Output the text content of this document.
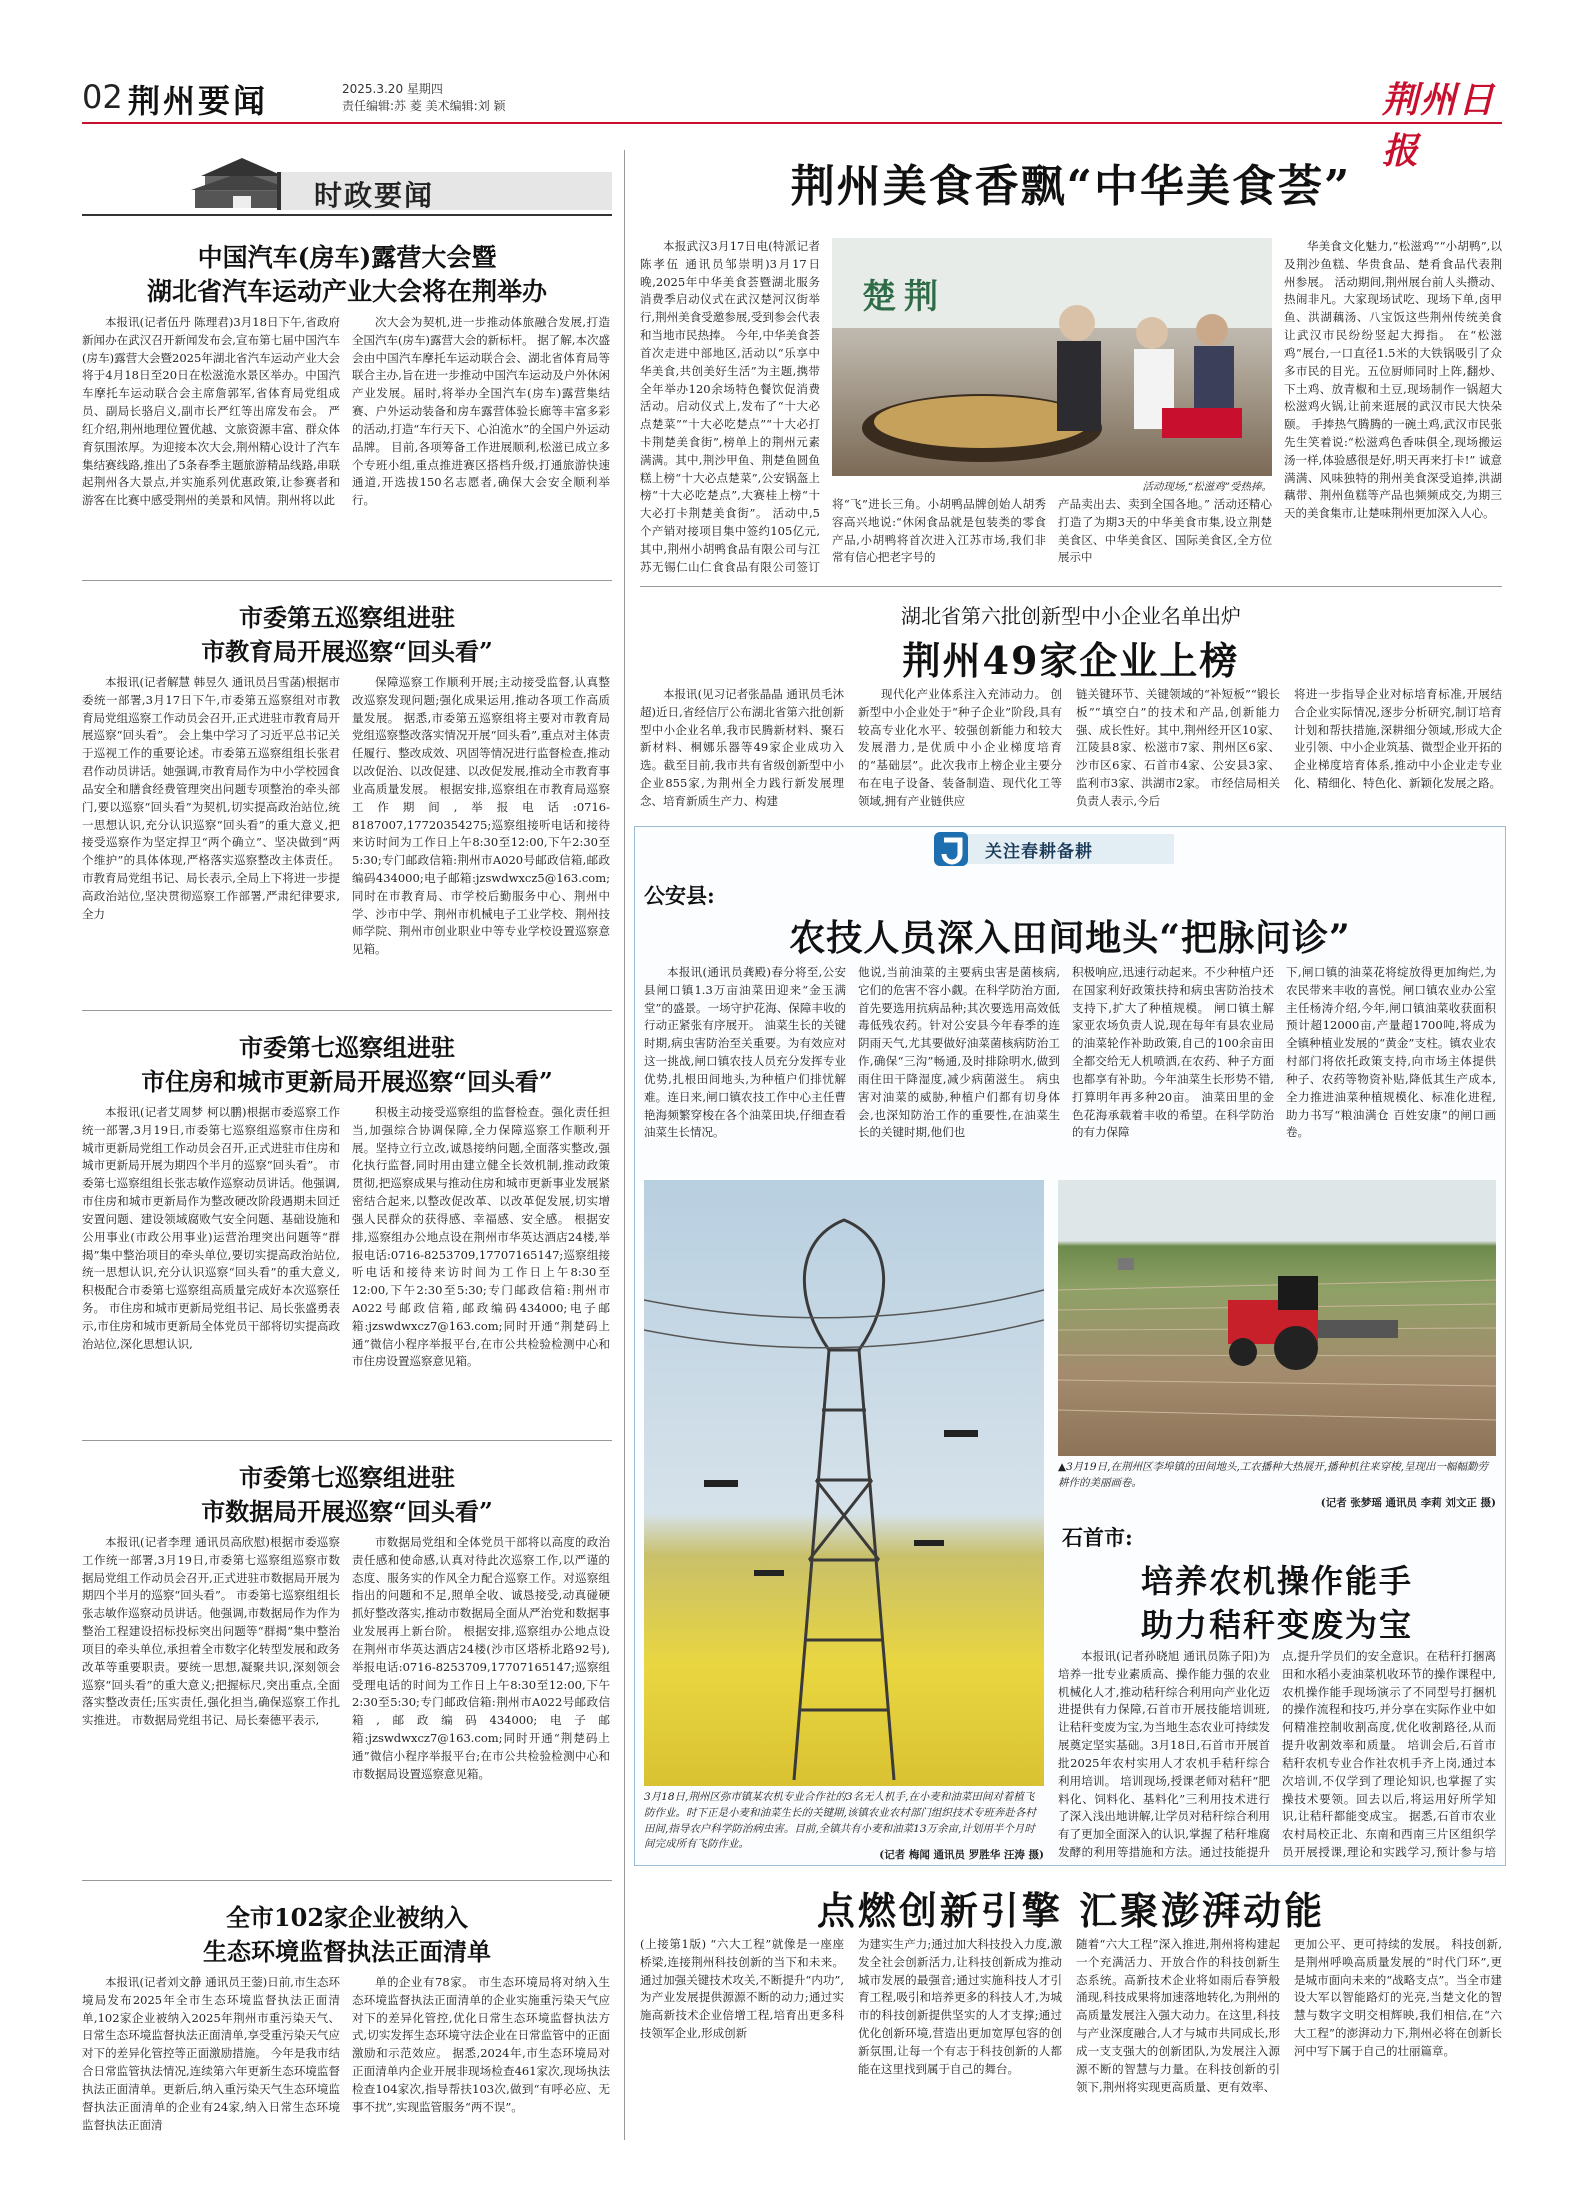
02 荆州要闻	2025.3.20 星期四
责任编辑:苏 菱 美术编辑:刘 颖	荆州日报
时政要闻
中国汽车(房车)露营大会暨
湖北省汽车运动产业大会将在荆举办
本报讯(记者伍丹 陈理君)3月18日下午,省政府新闻办在武汉召开新闻发布会,宣布第七届中国汽车(房车)露营大会暨2025年湖北省汽车运动产业大会将于4月18日至20日在松滋洈水景区举办。中国汽车摩托车运动联合会主席詹郭军,省体育局党组成员、副局长骆启义,副市长严红等出席发布会。 严红介绍,荆州地理位置优越、文旅资源丰富、群众体育氛围浓厚。为迎接本次大会,荆州精心设计了汽车集结赛线路,推出了5条春季主题旅游精品线路,串联起荆州各大景点,并实施系列优惠政策,让参赛者和游客在比赛中感受荆州的美景和风情。荆州将以此
次大会为契机,进一步推动体旅融合发展,打造全国汽车(房车)露营大会的新标杆。 据了解,本次盛会由中国汽车摩托车运动联合会、湖北省体育局等联合主办,旨在进一步推动中国汽车运动及户外休闲产业发展。届时,将举办全国汽车(房车)露营集结赛、户外运动装备和房车露营体验长廊等丰富多彩的活动,打造“车行天下、心泊洈水”的全国户外运动品牌。 目前,各项筹备工作进展顺利,松滋已成立多个专班小组,重点推进赛区搭档升级,打通旅游快速通道,开选拔150名志愿者,确保大会安全顺利举行。
市委第五巡察组进驻
市教育局开展巡察“回头看”
本报讯(记者解慧 韩昱久 通讯员吕雪菡)根据市委统一部署,3月17日下午,市委第五巡察组对市教育局党组巡察工作动员会召开,正式进驻市教育局开展巡察“回头看”。 会上集中学习了习近平总书记关于巡视工作的重要论述。市委第五巡察组组长张君君作动员讲话。她强调,市教育局作为中小学校园食品安全和膳食经费管理突出问题专项整治的牵头部门,要以巡察“回头看”为契机,切实提高政治站位,统一思想认识,充分认识巡察“回头看”的重大意义,把接受巡察作为坚定捍卫“两个确立”、坚决做到“两个维护”的具体体现,严格落实巡察整改主体责任。 市教育局党组书记、局长表示,全局上下将进一步提高政治站位,坚决贯彻巡察工作部署,严肃纪律要求,全力
保障巡察工作顺利开展;主动接受监督,认真整改巡察发现问题;强化成果运用,推动各项工作高质量发展。 据悉,市委第五巡察组将主要对市教育局党组巡察整改落实情况开展“回头看”,重点对主体责任履行、整改成效、巩固等情况进行监督检查,推动以改促治、以改促建、以改促发展,推动全市教育事业高质量发展。 根据安排,巡察组在市教育局巡察工作期间,举报电话:0716-8187007,17720354275;巡察组接听电话和接待来访时间为工作日上午8:30至12:00,下午2:30至5:30;专门邮政信箱:荆州市A020号邮政信箱,邮政编码434000;电子邮箱:jzswdwxcz5@163.com;同时在市教育局、市学校后勤服务中心、荆州中学、沙市中学、荆州市机械电子工业学校、荆州技师学院、荆州市创业职业中等专业学校设置巡察意见箱。
市委第七巡察组进驻
市住房和城市更新局开展巡察“回头看”
本报讯(记者艾周梦 柯以鹏)根据市委巡察工作统一部署,3月19日,市委第七巡察组巡察市住房和城市更新局党组工作动员会召开,正式进驻市住房和城市更新局开展为期四个半月的巡察“回头看”。 市委第七巡察组组长张志敏作巡察动员讲话。他强调,市住房和城市更新局作为整改硬改阶段遇期未回迁安置问题、建设领域腐败气安全问题、基础设施和公用事业(市政公用事业)运营治理突出问题等“群揭”集中整治项目的牵头单位,要切实提高政治站位,统一思想认识,充分认识巡察“回头看”的重大意义,积极配合市委第七巡察组高质量完成好本次巡察任务。 市住房和城市更新局党组书记、局长张盛勇表示,市住房和城市更新局全体党员干部将切实提高政治站位,深化思想认识,
积极主动接受巡察组的监督检查。强化责任担当,加强综合协调保障,全力保障巡察工作顺利开展。坚持立行立改,诚恳接纳问题,全面落实整改,强化执行监督,同时用由建立健全长效机制,推动政策贯彻,把巡察成果与推动住房和城市更新事业发展紧密结合起来,以整改促改革、以改革促发展,切实增强人民群众的获得感、幸福感、安全感。 根据安排,巡察组办公地点设在荆州市华英达酒店24楼,举报电话:0716-8253709,17707165147;巡察组接听电话和接待来访时间为工作日上午8:30至12:00,下午2:30至5:30;专门邮政信箱:荆州市A022号邮政信箱,邮政编码434000;电子邮箱:jzswdwxcz7@163.com;同时开通“荆楚码上通”微信小程序举报平台,在市公共检验检测中心和市住房设置巡察意见箱。
市委第七巡察组进驻
市数据局开展巡察“回头看”
本报讯(记者李理 通讯员高欣慰)根据市委巡察工作统一部署,3月19日,市委第七巡察组巡察市数据局党组工作动员会召开,正式进驻市数据局开展为期四个半月的巡察“回头看”。 市委第七巡察组组长张志敏作巡察动员讲话。他强调,市数据局作为作为整治工程建设招标投标突出问题等“群揭”集中整治项目的牵头单位,承担着全市数字化转型发展和政务改革等重要职责。要统一思想,凝聚共识,深刻领会巡察“回头看”的重大意义;把握标尺,突出重点,全面落实整改责任;压实责任,强化担当,确保巡察工作扎实推进。 市数据局党组书记、局长秦德平表示,
市数据局党组和全体党员干部将以高度的政治责任感和使命感,认真对待此次巡察工作,以严谨的态度、服务实的作风全力配合巡察工作。对巡察组指出的问题和不足,照单全收、诚恳接受,动真碰硬抓好整改落实,推动市数据局全面从严治党和数据事业发展再上新台阶。 根据安排,巡察组办公地点设在荆州市华英达酒店24楼(沙市区塔桥北路92号),举报电话:0716-8253709,17707165147;巡察组受理电话的时间为工作日上午8:30至12:00,下午2:30至5:30;专门邮政信箱:荆州市A022号邮政信箱,邮政编码434000;电子邮箱:jzswdwxcz7@163.com;同时开通“荆楚码上通”微信小程序举报平台;在市公共检验检测中心和市数据局设置巡察意见箱。
全市102家企业被纳入
生态环境监督执法正面清单
本报讯(记者刘文静 通讯员王蓥)日前,市生态环境局发布2025年全市生态环境监督执法正面清单,102家企业被纳入2025年荆州市重污染天气、日常生态环境监督执法正面清单,享受重污染天气应对下的差异化管控等正面激励措施。 今年是我市结合日常监管执法情况,连续第六年更新生态环境监督执法正面清单。更新后,纳入重污染天气生态环境监督执法正面清单的企业有24家,纳入日常生态环境监督执法正面清
单的企业有78家。 市生态环境局将对纳入生态环境监督执法正面清单的企业实施重污染天气应对下的差异化管控,优化日常生态环境监督执法方式,切实发挥生态环境守法企业在日常监管中的正面激励和示范效应。 据悉,2024年,市生态环境局对正面清单内企业开展非现场检查461家次,现场执法检查104家次,指导帮扶103次,做到“有呼必应、无事不扰”,实现监管服务“两不误”。
荆州美食香飘“中华美食荟”
本报武汉3月17日电(特派记者陈孝伍 通讯员邹崇明)3月17日晚,2025年中华美食荟暨湖北服务消费季启动仪式在武汉楚河汉街举行,荆州美食受邀参展,受到参会代表和当地市民热捧。 今年,中华美食荟首次走进中部地区,活动以“乐享中华美食,共创美好生活”为主题,携带全年举办120余场特色餐饮促消费活动。启动仪式上,发布了“十大必点楚菜”“十大必吃楚点”“十大必打卡荆楚美食街”,榜单上的荆州元素满满。其中,荆沙甲鱼、荆楚鱼圆鱼糕上榜“十大必点楚菜”,公安锅盔上榜“十大必吃楚点”,大赛桂上榜“十大必打卡荆楚美食街”。 活动中,5个产销对接项目集中签约105亿元,其中,荆州小胡鸭食品有限公司与江苏无锡仁山仁食食品有限公司签订
楚 荆
活动现场,“松滋鸡”受热捧。
将“飞”进长三角。小胡鸭品牌创始人胡秀容高兴地说:“休闲食品就是包装类的零食产品,小胡鸭将首次进入江苏市场,我们非常有信心把老字号的
产品卖出去、卖到全国各地。” 活动还精心打造了为期3天的中华美食市集,设立荆楚美食区、中华美食区、国际美食区,全方位展示中
华美食文化魅力,“松滋鸡”“小胡鸭”,以及荆沙鱼糕、华贵食品、楚肴食品代表荆州参展。 活动期间,荆州展台前人头攒动、热闹非凡。大家现场试吃、现场下单,卤甲鱼、洪湖藕汤、八宝饭这些荆州传统美食让武汉市民纷纷竖起大拇指。 在“松滋鸡”展台,一口直径1.5米的大铁锅吸引了众多市民的目光。五位厨师同时上阵,翻炒、下土鸡、放青椒和土豆,现场制作一锅超大松滋鸡火锅,让前来逛展的武汉市民大快朵颐。 手捧热气腾腾的一碗土鸡,武汉市民张先生笑着说:“松滋鸡色香味俱全,现场搬运汤一样,体验感很是好,明天再来打卡!” 诚意满满、风味独特的荆州美食深受追捧,洪湖藕带、荆州鱼糕等产品也频频成交,为期三天的美食集市,让楚味荆州更加深入人心。
湖北省第六批创新型中小企业名单出炉
荆州49家企业上榜
本报讯(见习记者张晶晶 通讯员毛沐超)近日,省经信厅公布湖北省第六批创新型中小企业名单,我市民腾新材料、聚石新材料、桐娜乐器等49家企业成功入选。截至目前,我市共有省级创新型中小企业855家,为荆州全力践行新发展理念、培育新质生产力、构建
现代化产业体系注入充沛动力。 创新型中小企业处于“种子企业”阶段,具有较高专业化水平、较强创新能力和较大发展潜力,是优质中小企业梯度培育的“基础层”。此次我市上榜企业主要分布在电子设备、装备制造、现代化工等领域,拥有产业链供应
链关键环节、关键领域的“补短板”“锻长板”“填空白”的技术和产品,创新能力强、成长性好。其中,荆州经开区10家、江陵县8家、松滋市7家、荆州区6家、沙市区6家、石首市4家、公安县3家、监利市3家、洪湖市2家。 市经信局相关负责人表示,今后
将进一步指导企业对标培育标准,开展结合企业实际情况,逐步分析研究,制订培育计划和帮扶措施,深耕细分领域,形成大企业引领、中小企业筑基、微型企业开拓的企业梯度培育体系,推动中小企业走专业化、精细化、特色化、新颖化发展之路。
关注春耕备耕
公安县:
农技人员深入田间地头“把脉问诊”
本报讯(通讯员龚殿)春分将至,公安县闸口镇1.3万亩油菜田迎来“金玉满堂”的盛景。一场守护花海、保障丰收的行动正紧张有序展开。 油菜生长的关键时期,病虫害防治至关重要。为有效应对这一挑战,闸口镇农技人员充分发挥专业优势,扎根田间地头,为种植户们排忧解难。连日来,闸口镇农技工作中心主任曹艳海频繁穿梭在各个油菜田块,仔细查看油菜生长情况。
他说,当前油菜的主要病虫害是菌核病,它们的危害不容小觑。在科学防治方面,首先要选用抗病品种;其次要选用高效低毒低残农药。针对公安县今年春季的连阴雨天气,尤其要做好油菜菌核病防治工作,确保“三沟”畅通,及时排除明水,做到雨住田干降湿度,减少病菌滋生。 病虫害对油菜的威胁,种植户们都有切身体会,也深知防治工作的重要性,在油菜生长的关键时期,他们也
积极响应,迅速行动起来。不少种植户还在国家利好政策扶持和病虫害防治技术支持下,扩大了种植规模。 闸口镇土解家亚农场负责人说,现在每年有县农业局的油菜轮作补助政策,自己的100余亩田全都交给无人机喷洒,在农药、种子方面也都享有补助。今年油菜生长形势不错,打算明年再多种20亩。 油菜田里的金色花海承载着丰收的希望。在科学防治的有力保障
下,闸口镇的油菜花将绽放得更加绚烂,为农民带来丰收的喜悦。闸口镇农业办公室主任杨涛介绍,今年,闸口镇油菜收获面积预计超12000亩,产量超1700吨,将成为全镇种植业发展的“黄金”支柱。镇农业农村部门将依托政策支持,向市场主体提供种子、农药等物资补贴,降低其生产成本,全力推进油菜种植规模化、标准化进程,助力书写“粮油满仓 百姓安康”的闸口画卷。
3月18日,荆州区弥市镇某农机专业合作社的3名无人机手,在小麦和油菜田间对着植飞防作业。时下正是小麦和油菜生长的关键期,该镇农业农村部门组织技术专班奔赴各村田间,指导农户科学防治病虫害。目前,全镇共有小麦和油菜13万余亩,计划用半个月时间完成所有飞防作业。
(记者 梅闻 通讯员 罗胜华 汪涛 摄)
▲3月19日,在荆州区李埠镇的田间地头,工农播种大热展开,播种机往来穿梭,呈现出一幅幅勤劳耕作的美丽画卷。
(记者 张梦瑶 通讯员 李莉 刘文正 摄)
石首市:
培养农机操作能手
助力秸秆变废为宝
本报讯(记者孙晓旭 通讯员陈子阳)为培养一批专业素质高、操作能力强的农业机械化人才,推动秸秆综合利用向产业化迈进提供有力保障,石首市开展技能培训班,让秸秆变废为宝,为当地生态农业可持续发展奠定坚实基础。3月18日,石首市开展首批2025年农村实用人才农机手秸秆综合利用培训。 培训现场,授课老师对秸秆“肥料化、饲料化、基料化”三利用技术进行了深入浅出地讲解,让学员对秸秆综合利用有了更加全面深入的认识,掌握了秸秆堆腐发酵的利用等措施和方法。通过技能提升
点,提升学员们的安全意识。在秸秆打捆离田和水稻小麦油菜机收环节的操作课程中,农机操作能手现场演示了不同型号打捆机的操作流程和技巧,并分享在实际作业中如何精准控制收割高度,优化收割路径,从而提升收割效率和质量。 培训会后,石首市秸秆农机专业合作社农机手齐上岗,通过本次培训,不仅学到了理论知识,也掌握了实操技术要领。回去以后,将运用好所学知识,让秸秆都能变成宝。 据悉,石首市农业农村局校正北、东南和西南三片区组织学员开展授课,理论和实践学习,预计参与培
点燃创新引擎 汇聚澎湃动能
(上接第1版) “六大工程”就像是一座座桥梁,连接荆州科技创新的当下和未来。通过加强关键技术攻关,不断提升“内功”,为产业发展提供源源不断的动力;通过实施高新技术企业倍增工程,培育出更多科技领军企业,形成创新
为建实生产力;通过加大科技投入力度,激发全社会创新活力,让科技创新成为推动城市发展的最强音;通过实施科技人才引育工程,吸引和培养更多的科技人才,为城市的科技创新提供坚实的人才支撑;通过优化创新环境,营造出更加宽厚包容的创新氛围,让每一个有志于科技创新的人都能在这里找到属于自己的舞台。
随着“六大工程”深入推进,荆州将构建起一个充满活力、开放合作的科技创新生态系统。高新技术企业将如雨后春笋般涌现,科技成果将加速落地转化,为荆州的高质量发展注入强大动力。在这里,科技与产业深度融合,人才与城市共同成长,形成一支支强大的创新团队,为发展注入源源不断的智慧与力量。在科技创新的引领下,荆州将实现更高质量、更有效率、
更加公平、更可持续的发展。 科技创新,是荆州呼唤高质量发展的“时代门环”,更是城市面向未来的“战略支点”。当全市建设大军以智能路灯的光亮,当楚文化的智慧与数字文明交相辉映,我们相信,在“六大工程”的澎湃动力下,荆州必将在创新长河中写下属于自己的壮丽篇章。
